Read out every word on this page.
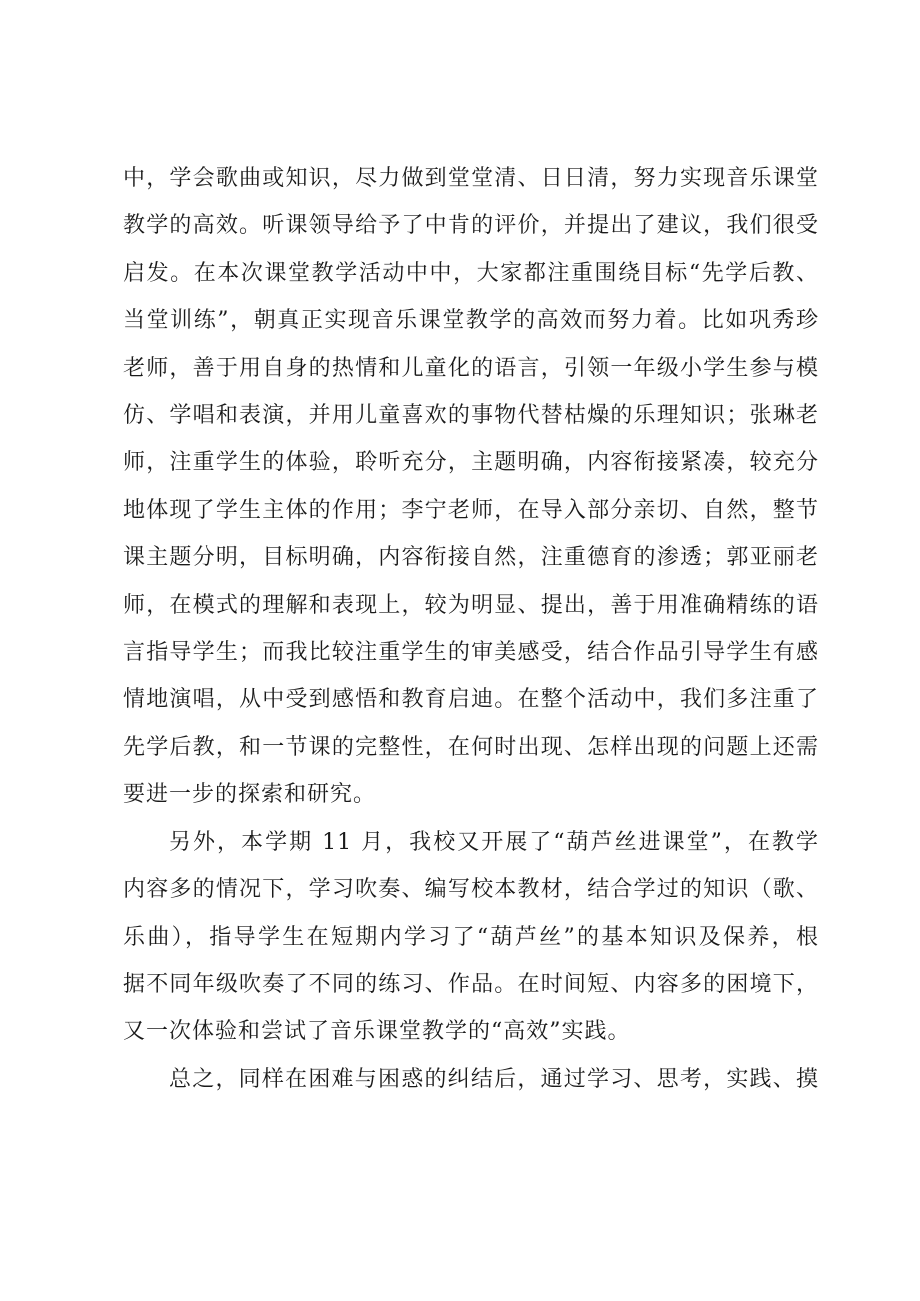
中，学会歌曲或知识，尽力做到堂堂清、日日清，努力实现音乐课堂
教学的高效。听课领导给予了中肯的评价，并提出了建议，我们很受
启发。在本次课堂教学活动中中，大家都注重围绕目标“先学后教、
当堂训练”，朝真正实现音乐课堂教学的高效而努力着。比如巩秀珍
老师，善于用自身的热情和儿童化的语言，引领一年级小学生参与模
仿、学唱和表演，并用儿童喜欢的事物代替枯燥的乐理知识；张琳老
师，注重学生的体验，聆听充分，主题明确，内容衔接紧凑，较充分
地体现了学生主体的作用；李宁老师，在导入部分亲切、自然，整节
课主题分明，目标明确，内容衔接自然，注重德育的渗透；郭亚丽老
师，在模式的理解和表现上，较为明显、提出，善于用准确精练的语
言指导学生；而我比较注重学生的审美感受，结合作品引导学生有感
情地演唱，从中受到感悟和教育启迪。在整个活动中，我们多注重了
先学后教，和一节课的完整性，在何时出现、怎样出现的问题上还需
要进一步的探索和研究。
另外，本学期 11 月，我校又开展了“葫芦丝进课堂”，在教学
内容多的情况下，学习吹奏、编写校本教材，结合学过的知识（歌、
乐曲），指导学生在短期内学习了“葫芦丝”的基本知识及保养，根
据不同年级吹奏了不同的练习、作品。在时间短、内容多的困境下，
又一次体验和尝试了音乐课堂教学的“高效”实践。
总之，同样在困难与困惑的纠结后，通过学习、思考，实践、摸
